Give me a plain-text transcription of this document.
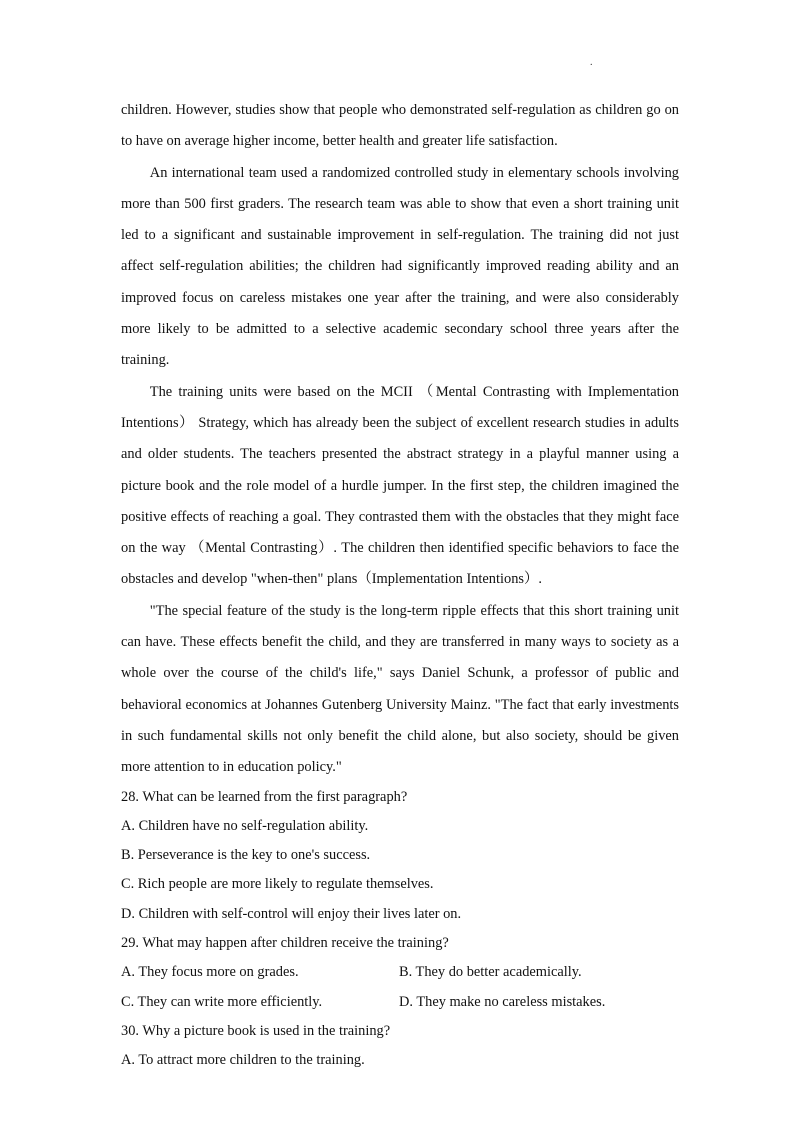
.

children. However, studies show that people who demonstrated self-regulation as children go on to have on average higher income, better health and greater life satisfaction.

An international team used a randomized controlled study in elementary schools involving more than 500 first graders. The research team was able to show that even a short training unit led to a significant and sustainable improvement in self-regulation. The training did not just affect self-regulation abilities; the children had significantly improved reading ability and an improved focus on careless mistakes one year after the training, and were also considerably more likely to be admitted to a selective academic secondary school three years after the training.

The training units were based on the MCII （Mental Contrasting with Implementation Intentions） Strategy, which has already been the subject of excellent research studies in adults and older students. The teachers presented the abstract strategy in a playful manner using a picture book and the role model of a hurdle jumper. In the first step, the children imagined the positive effects of reaching a goal. They contrasted them with the obstacles that they might face on the way （Mental Contrasting）. The children then identified specific behaviors to face the obstacles and develop "when-then" plans（Implementation Intentions）.

"The special feature of the study is the long-term ripple effects that this short training unit can have. These effects benefit the child, and they are transferred in many ways to society as a whole over the course of the child's life," says Daniel Schunk, a professor of public and behavioral economics at Johannes Gutenberg University Mainz. "The fact that early investments in such fundamental skills not only benefit the child alone, but also society, should be given more attention to in education policy."

28. What can be learned from the first paragraph?

A. Children have no self-regulation ability.

B. Perseverance is the key to one's success.

C. Rich people are more likely to regulate themselves.

D. Children with self-control will enjoy their lives later on.

29. What may happen after children receive the training?

A. They focus more on grades.	B. They do better academically.
C. They can write more efficiently.	D. They make no careless mistakes.

30. Why a picture book is used in the training?

A. To attract more children to the training.
